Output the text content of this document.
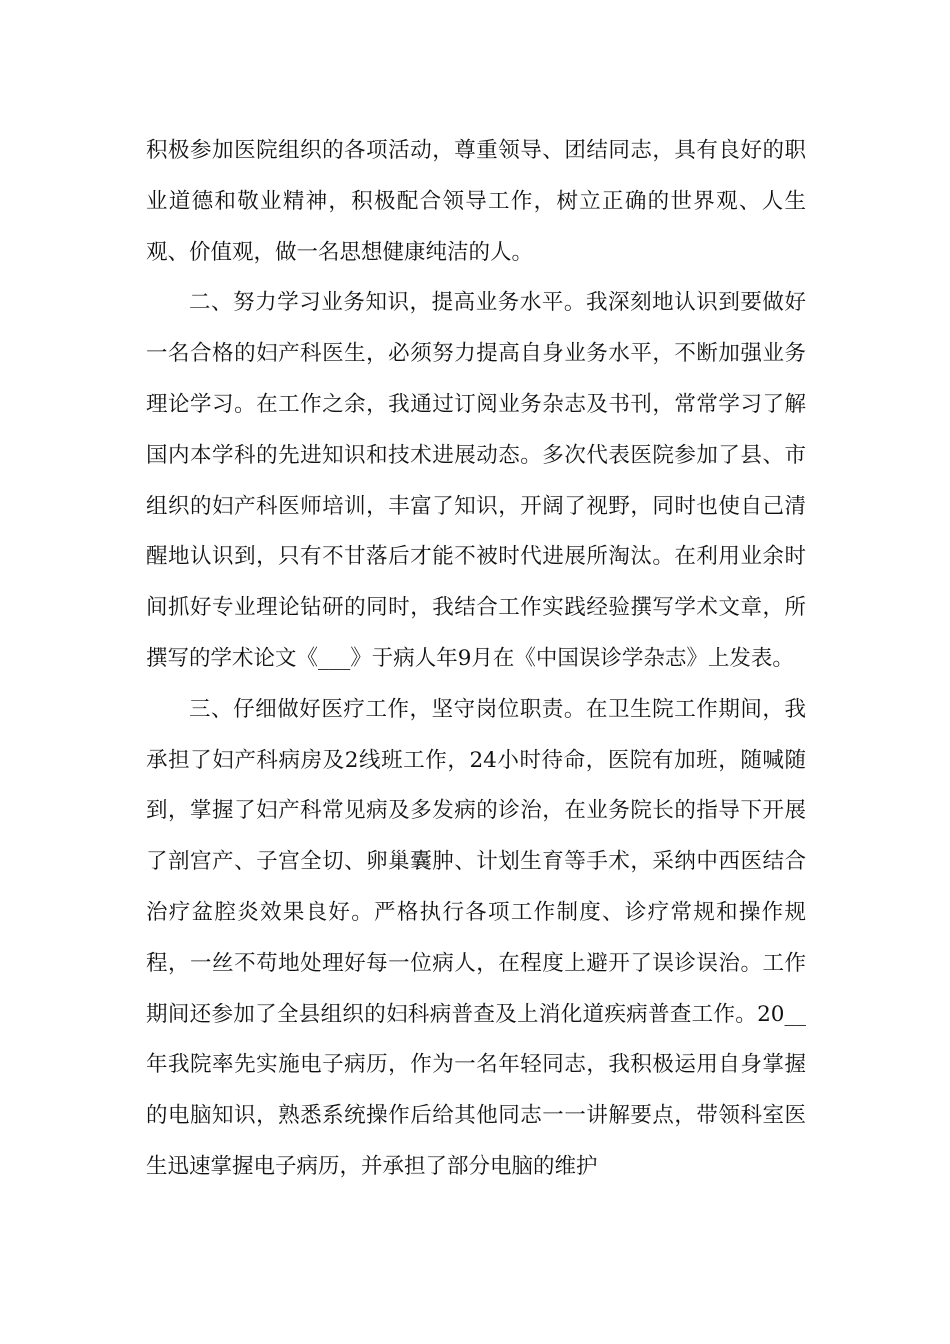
积极参加医院组织的各项活动，尊重领导、团结同志，具有良好的职业道德和敬业精神，积极配合领导工作，树立正确的世界观、人生观、价值观，做一名思想健康纯洁的人。

二、努力学习业务知识，提高业务水平。我深刻地认识到要做好一名合格的妇产科医生，必须努力提高自身业务水平，不断加强业务理论学习。在工作之余，我通过订阅业务杂志及书刊，常常学习了解国内本学科的先进知识和技术进展动态。多次代表医院参加了县、市组织的妇产科医师培训，丰富了知识，开阔了视野，同时也使自己清醒地认识到，只有不甘落后才能不被时代进展所淘汰。在利用业余时间抓好专业理论钻研的同时，我结合工作实践经验撰写学术文章，所撰写的学术论文《___》于病人年9月在《中国误诊学杂志》上发表。

三、仔细做好医疗工作，坚守岗位职责。在卫生院工作期间，我承担了妇产科病房及2线班工作，24小时待命，医院有加班，随喊随到，掌握了妇产科常见病及多发病的诊治，在业务院长的指导下开展了剖宫产、子宫全切、卵巢囊肿、计划生育等手术，采纳中西医结合治疗盆腔炎效果良好。严格执行各项工作制度、诊疗常规和操作规程，一丝不苟地处理好每一位病人，在程度上避开了误诊误治。工作期间还参加了全县组织的妇科病普查及上消化道疾病普查工作。20__年我院率先实施电子病历，作为一名年轻同志，我积极运用自身掌握的电脑知识，熟悉系统操作后给其他同志一一讲解要点，带领科室医生迅速掌握电子病历，并承担了部分电脑的维护
